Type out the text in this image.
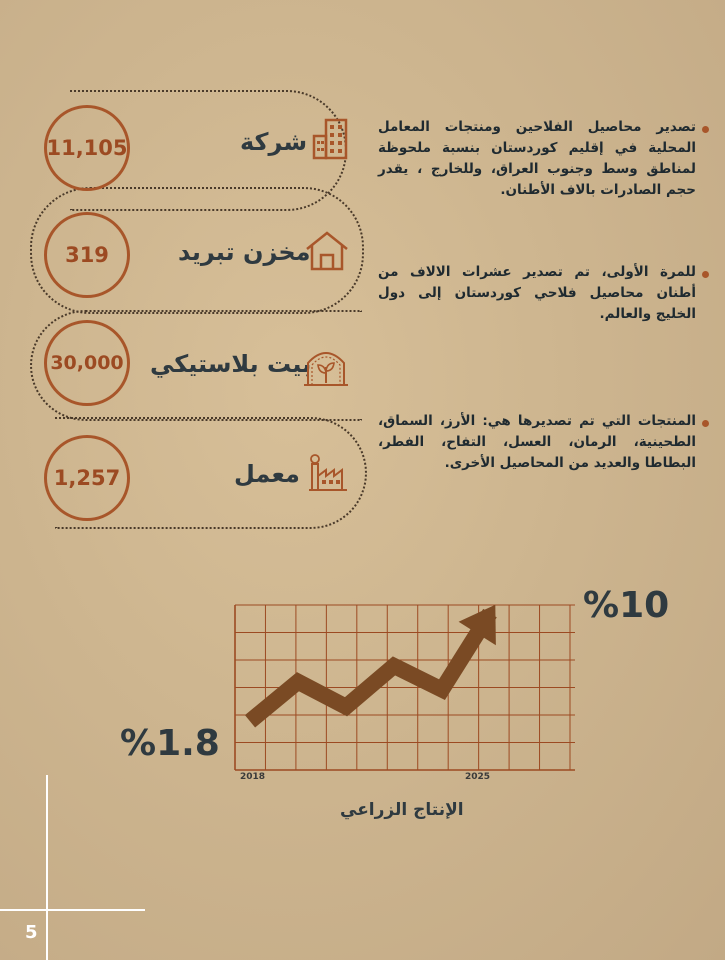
11,105	شركة
319	مخزن تبريد
30,000 بيت بلاستيكي
1,257	معمل
تصدير محاصيل الفلاحين ومنتجات المعامل المحلية في إقليم كوردستان بنسبة ملحوظة لمناطق وسط وجنوب العراق، وللخارج ، يقدر حجم الصادرات بالاف الأطنان.
للمرة الأولى، تم تصدير عشرات الالاف من أطنان محاصيل فلاحي كوردستان إلى دول الخليج والعالم.
المنتجات التي تم تصديرها هي: الأرز، السماق، الطحينية، الرمان، العسل، التفاح، الفطر، البطاطا والعديد من المحاصيل الأخرى.
2018	2025
%1.8
%10
الإنتاج الزراعي
5
